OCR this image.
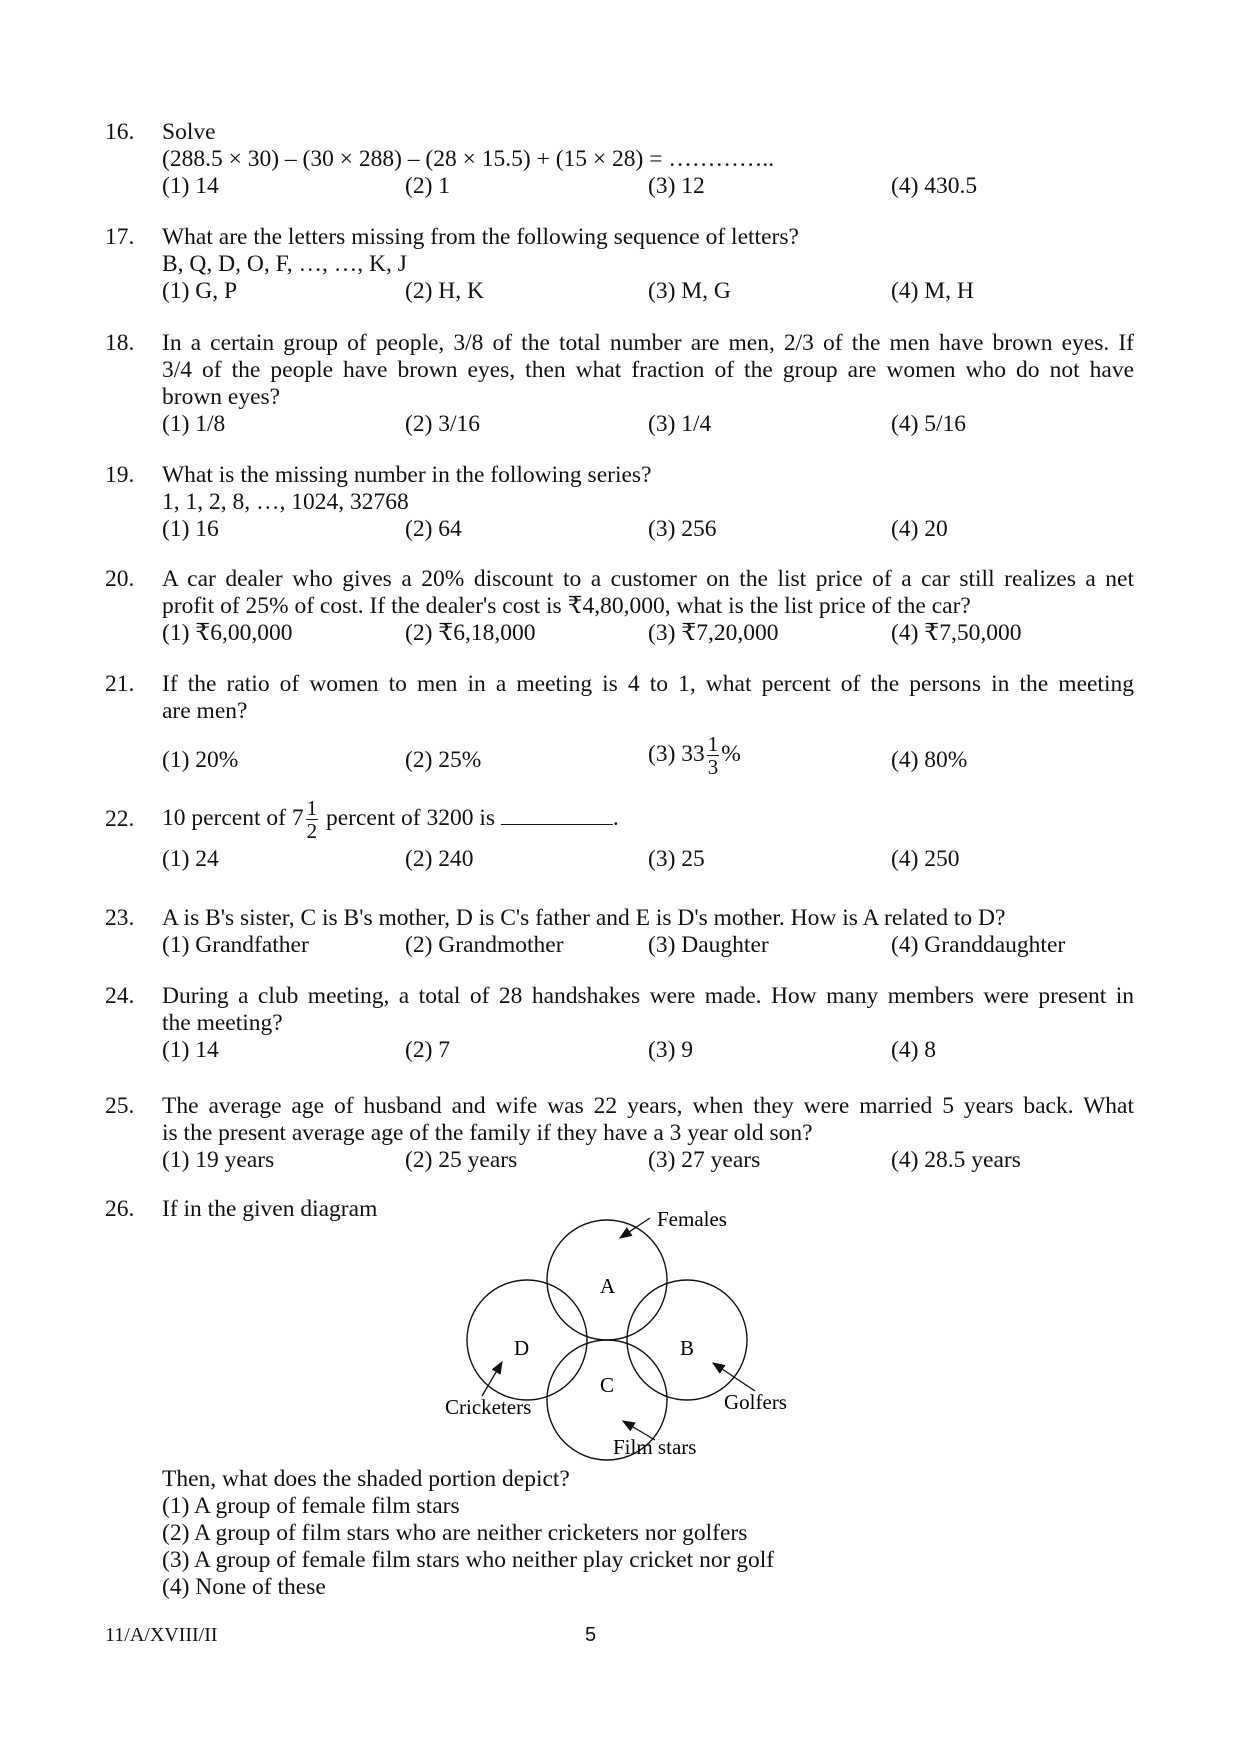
16. Solve
(288.5 × 30) – (30 × 288) – (28 × 15.5) + (15 × 28) = …………..
(1) 14	(2) 1	(3) 12	(4) 430.5
17. What are the letters missing from the following sequence of letters?
B, Q, D, O, F, …, …, K, J
(1) G, P	(2) H, K	(3) M, G	(4) M, H
18. In a certain group of people, 3/8 of the total number are men, 2/3 of the men have brown eyes. If
3/4 of the people have brown eyes, then what fraction of the group are women who do not have
brown eyes?
(1) 1/8	(2) 3/16	(3) 1/4	(4) 5/16
19. What is the missing number in the following series?
1, 1, 2, 8, …, 1024, 32768
(1) 16	(2) 64	(3) 256	(4) 20
20. A car dealer who gives a 20% discount to a customer on the list price of a car still realizes a net
profit of 25% of cost. If the dealer's cost is ₹4,80,000, what is the list price of the car?
(1) ₹6,00,000	(2) ₹6,18,000	(3) ₹7,20,000	(4) ₹7,50,000
21. If the ratio of women to men in a meeting is 4 to 1, what percent of the persons in the meeting
are men?
(1) 20%	(2) 25%	(3) $33 \frac{1}{3}$ %	(4) 80%
22. 10 percent of $7 \frac{1}{2}$ percent of 3200 is	.
(1) 24	(2) 240	(3) 25	(4) 250
23. A is B's sister, C is B's mother, D is C's father and E is D's mother. How is A related to D?
(1) Grandfather	(2) Grandmother	(3) Daughter	(4) Granddaughter
24. During a club meeting, a total of 28 handshakes were made. How many members were present in
the meeting?
(1) 14	(2) 7	(3) 9	(4) 8
25. The average age of husband and wife was 22 years, when they were married 5 years back. What
is the present average age of the family if they have a 3 year old son?
(1) 19 years	(2) 25 years	(3) 27 years	(4) 28.5 years
26. If in the given diagram
A
B
C
D
Females
Golfers
Film stars
Cricketers
Then, what does the shaded portion depict?
(1) A group of female film stars
(2) A group of film stars who are neither cricketers nor golfers
(3) A group of female film stars who neither play cricket nor golf
(4) None of these
11/A/XVIII/II	5
